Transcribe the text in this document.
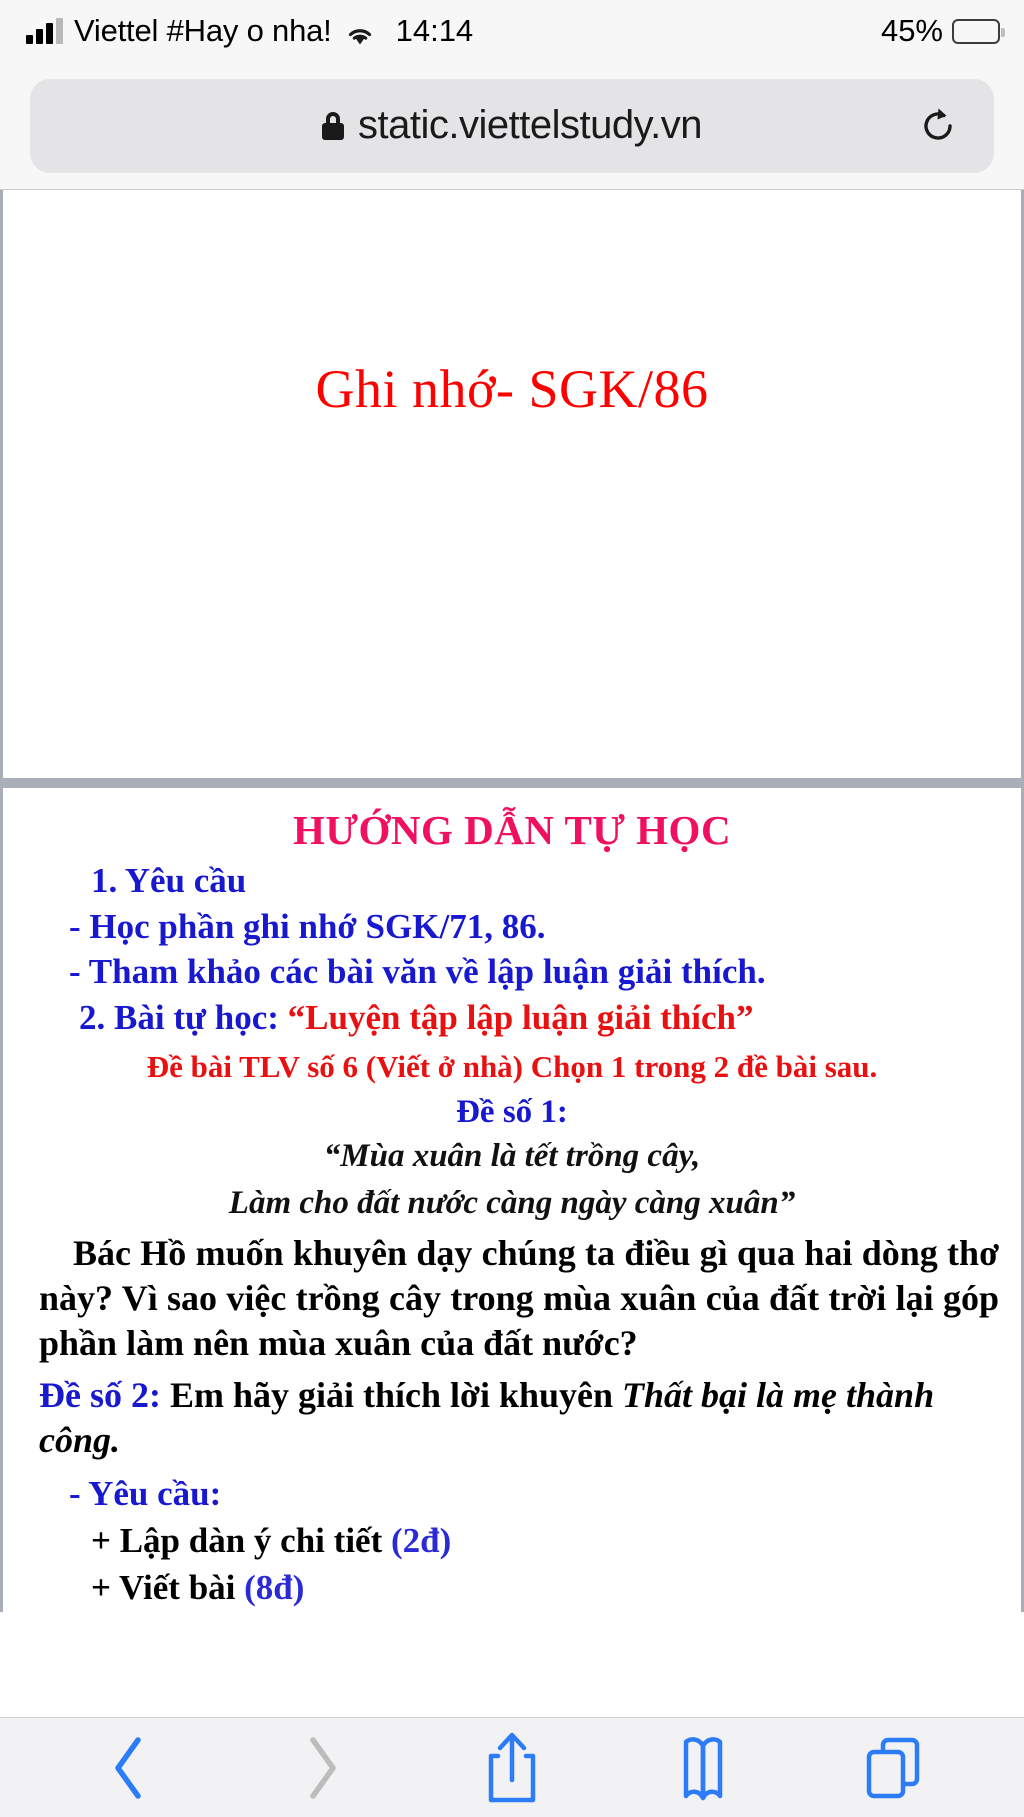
Viettel #Hay o nha! 14:14	45%
static.viettelstudy.vn
Ghi nhớ- SGK/86
HƯỚNG DẪN TỰ HỌC
1. Yêu cầu
- Học phần ghi nhớ SGK/71, 86.
- Tham khảo các bài văn về lập luận giải thích.
2. Bài tự học: “Luyện tập lập luận giải thích”
Đề bài TLV số 6 (Viết ở nhà) Chọn 1 trong 2 đề bài sau.
Đề số 1:
“Mùa xuân là tết trồng cây,
Làm cho đất nước càng ngày càng xuân”
Bác Hồ muốn khuyên dạy chúng ta điều gì qua hai dòng thơ này? Vì sao việc trồng cây trong mùa xuân của đất trời lại góp phần làm nên mùa xuân của đất nước?
Đề số 2: Em hãy giải thích lời khuyên Thất bại là mẹ thành công.
- Yêu cầu:
+ Lập dàn ý chi tiết (2đ)
+ Viết bài (8đ)
